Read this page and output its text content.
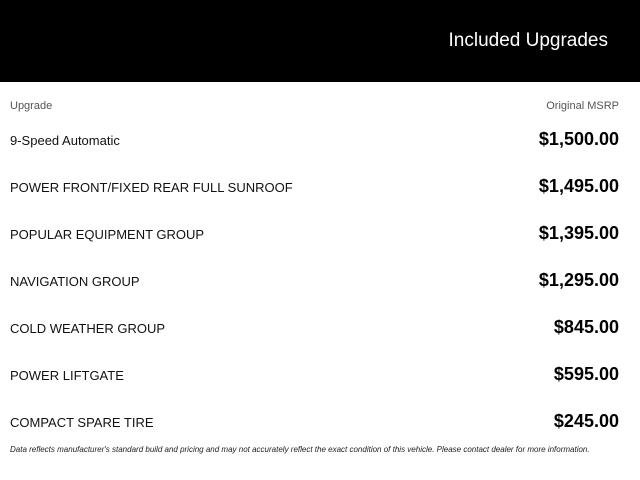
Included Upgrades
Upgrade	Original MSRP
9-Speed Automatic	$1,500.00
POWER FRONT/FIXED REAR FULL SUNROOF	$1,495.00
POPULAR EQUIPMENT GROUP	$1,395.00
NAVIGATION GROUP	$1,295.00
COLD WEATHER GROUP	$845.00
POWER LIFTGATE	$595.00
COMPACT SPARE TIRE	$245.00
Data reflects manufacturer's standard build and pricing and may not accurately reflect the exact condition of this vehicle. Please contact dealer for more information.
